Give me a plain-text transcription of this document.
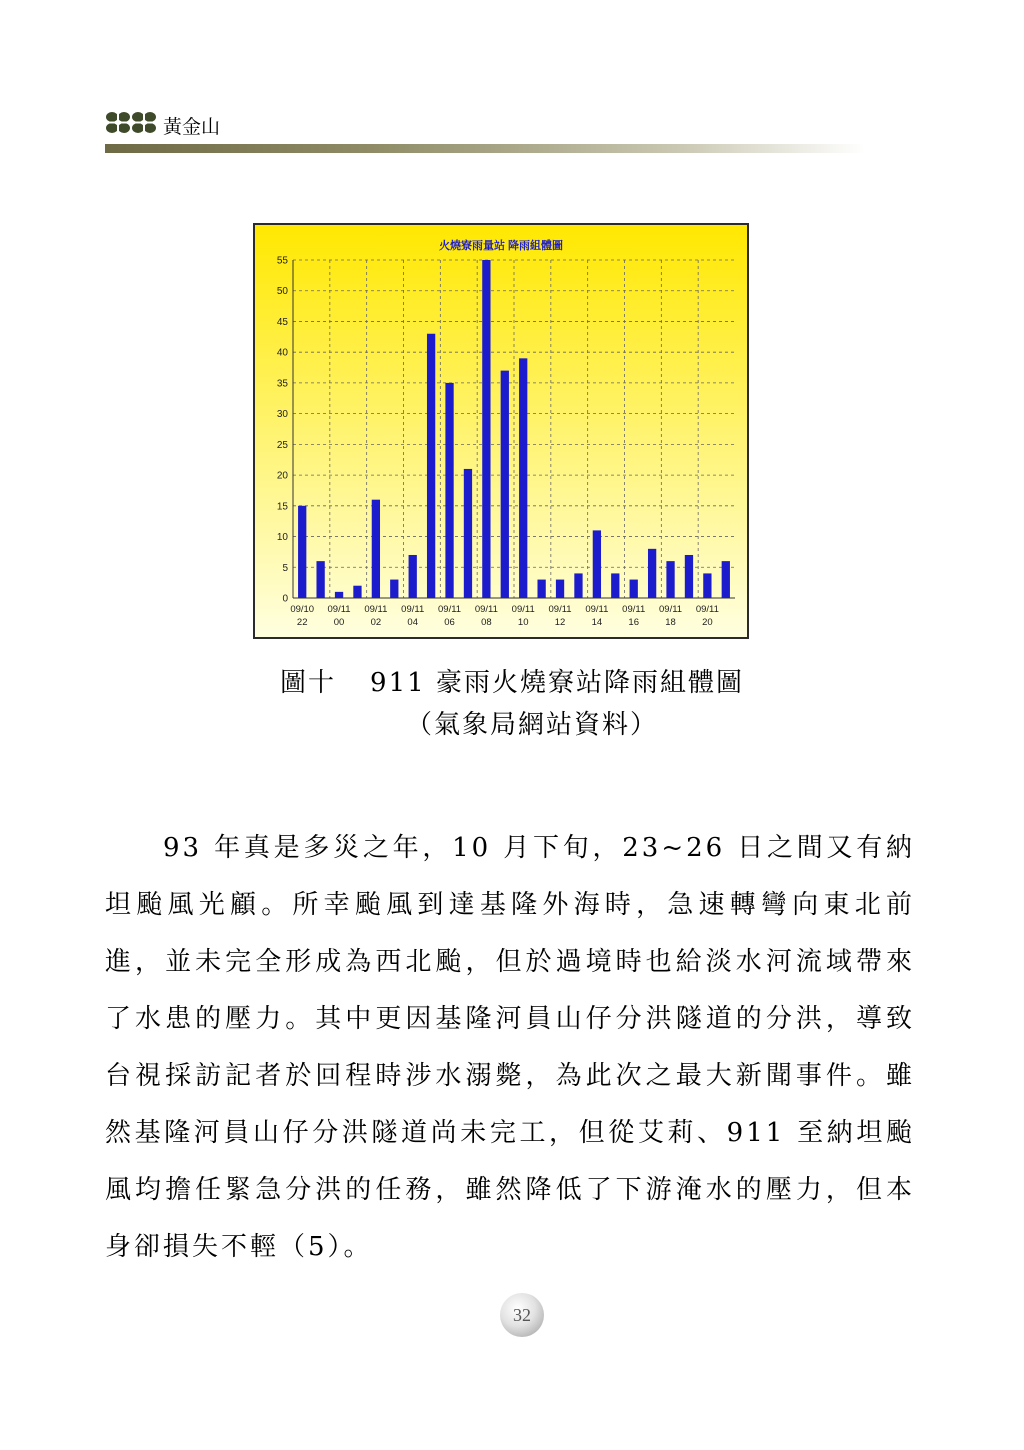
黃金山
火燒寮雨量站 降雨組體圖
0
5
10
15
20
25
30
35
40
45
50
55
09/10
22
09/11
00
09/11
02
09/11
04
09/11
06
09/11
08
09/11
10
09/11
12
09/11
14
09/11
16
09/11
18
09/11
20
圖十 911 豪雨火燒寮站降雨組體圖
（氣象局網站資料）

93 年真是多災之年，10 月下旬，23~26 日之間又有納坦颱風光顧。所幸颱風到達基隆外海時，急速轉彎向東北前進，並未完全形成為西北颱，但於過境時也給淡水河流域帶來了水患的壓力。其中更因基隆河員山仔分洪隧道的分洪，導致台視採訪記者於回程時涉水溺斃，為此次之最大新聞事件。雖然基隆河員山仔分洪隧道尚未完工，但從艾莉、911 至納坦颱風均擔任緊急分洪的任務，雖然降低了下游淹水的壓力，但本身卻損失不輕（5）。

32
